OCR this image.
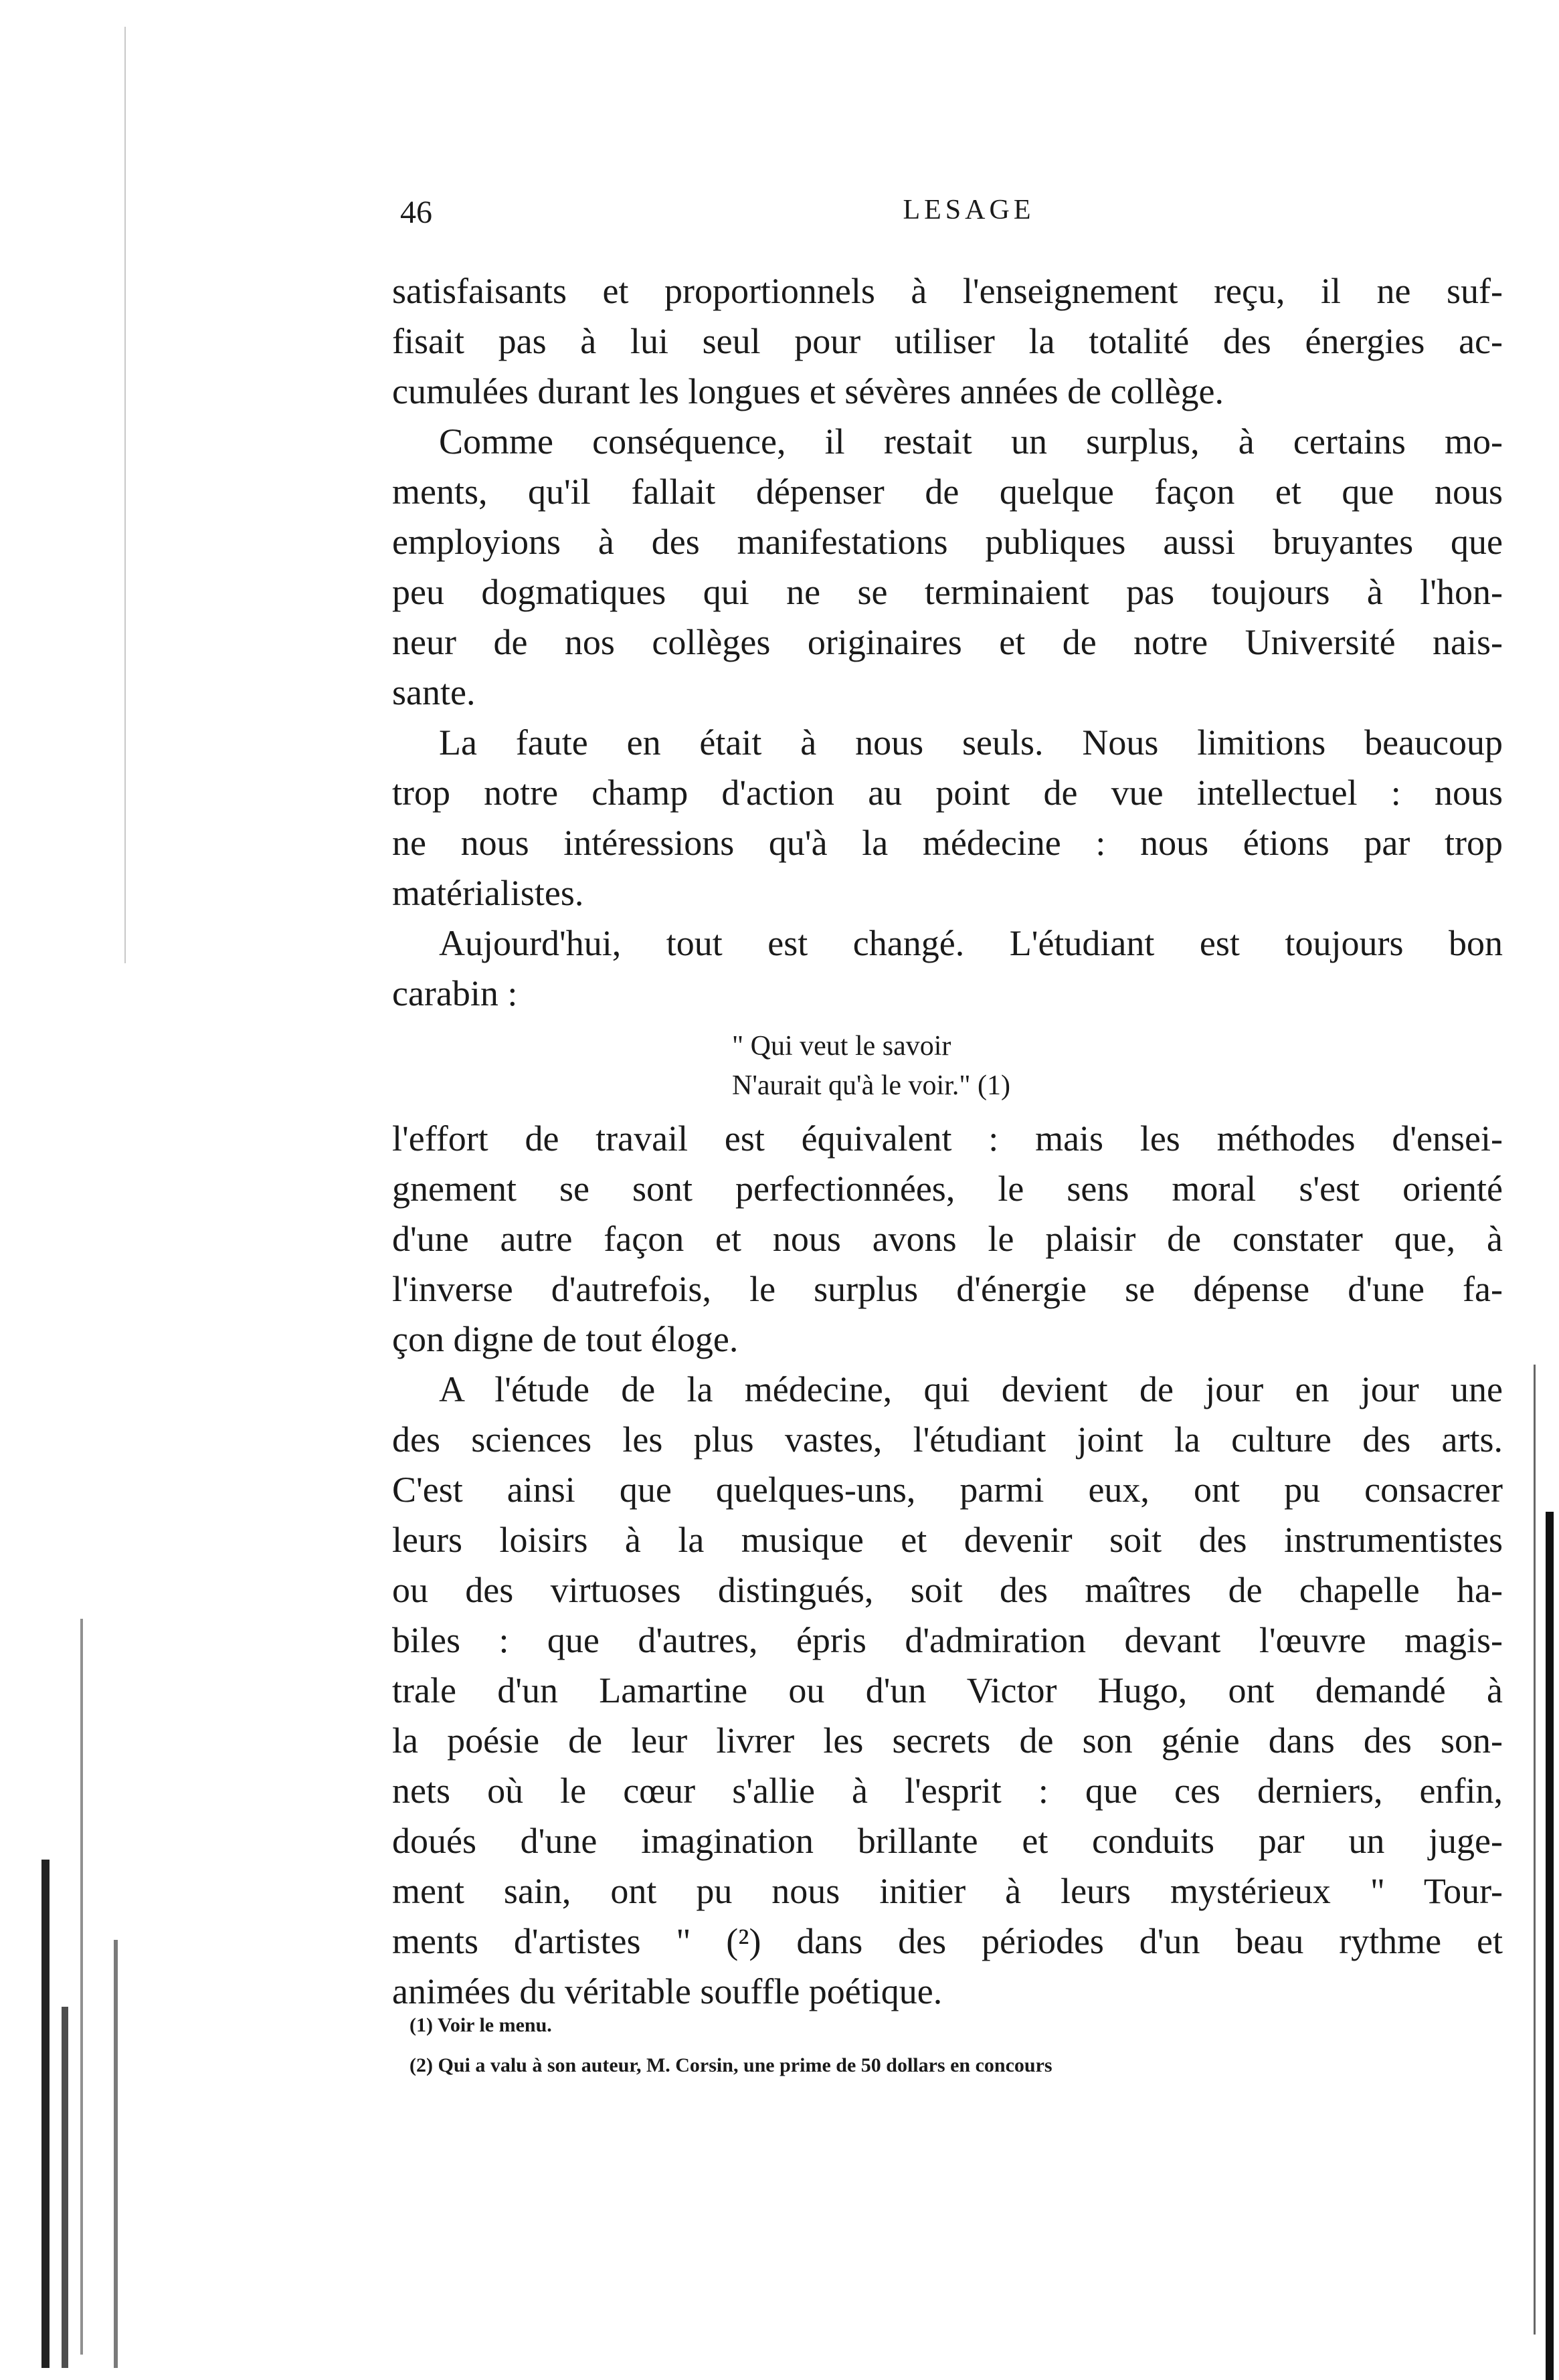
46	LESAGE
satisfaisants et proportionnels à l'enseignement reçu, il ne suf-
fisait pas à lui seul pour utiliser la totalité des énergies ac-
cumulées durant les longues et sévères années de collège.
Comme conséquence, il restait un surplus, à certains mo-
ments, qu'il fallait dépenser de quelque façon et que nous
employions à des manifestations publiques aussi bruyantes que
peu dogmatiques qui ne se terminaient pas toujours à l'hon-
neur de nos collèges originaires et de notre Université nais-
sante.
La faute en était à nous seuls. Nous limitions beaucoup
trop notre champ d'action au point de vue intellectuel : nous
ne nous intéressions qu'à la médecine : nous étions par trop
matérialistes.
Aujourd'hui, tout est changé. L'étudiant est toujours bon
carabin :
" Qui veut le savoir
N'aurait qu'à le voir." (1)
l'effort de travail est équivalent : mais les méthodes d'ensei-
gnement se sont perfectionnées, le sens moral s'est orienté
d'une autre façon et nous avons le plaisir de constater que, à
l'inverse d'autrefois, le surplus d'énergie se dépense d'une fa-
çon digne de tout éloge.
A l'étude de la médecine, qui devient de jour en jour une
des sciences les plus vastes, l'étudiant joint la culture des arts.
C'est ainsi que quelques-uns, parmi eux, ont pu consacrer
leurs loisirs à la musique et devenir soit des instrumentistes
ou des virtuoses distingués, soit des maîtres de chapelle ha-
biles : que d'autres, épris d'admiration devant l'œuvre magis-
trale d'un Lamartine ou d'un Victor Hugo, ont demandé à
la poésie de leur livrer les secrets de son génie dans des son-
nets où le cœur s'allie à l'esprit : que ces derniers, enfin,
doués d'une imagination brillante et conduits par un juge-
ment sain, ont pu nous initier à leurs mystérieux " Tour-
ments d'artistes " (²) dans des périodes d'un beau rythme et
animées du véritable souffle poétique.
(1) Voir le menu.
(2) Qui a valu à son auteur, M. Corsin, une prime de 50 dollars en concours
